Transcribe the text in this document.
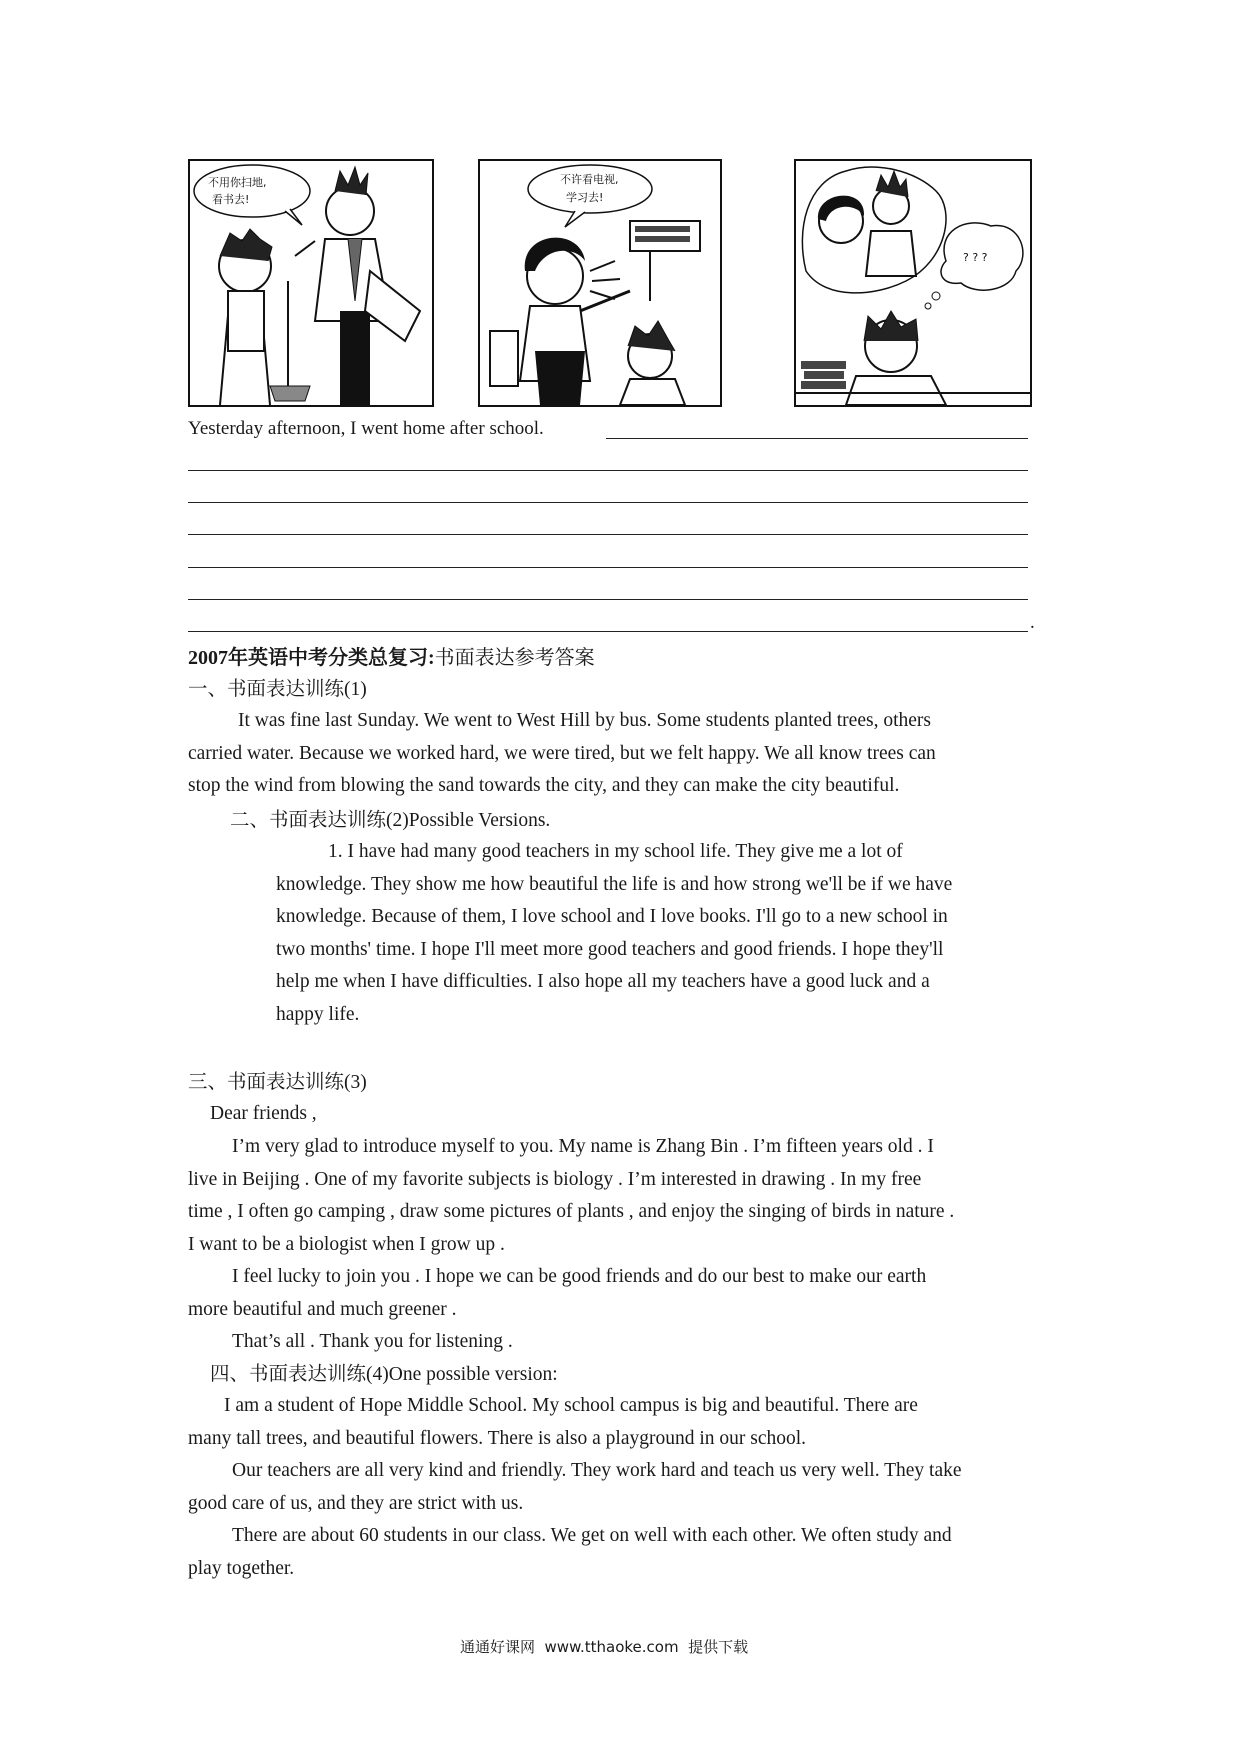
不用你扫地,
看书去!
不许看电视,
学习去!
? ? ?
Yesterday afternoon, I went home after school.
.
2007年英语中考分类总复习:书面表达参考答案
一、书面表达训练(1)
It was fine last Sunday. We went to West Hill by bus. Some students planted trees, others
carried water. Because we worked hard, we were tired, but we felt happy. We all know trees can
stop the wind from blowing the sand towards the city, and they can make the city beautiful.
二、书面表达训练(2)Possible Versions.
1. I have had many good teachers in my school life. They give me a lot of
knowledge. They show me how beautiful the life is and how strong we'll be if we have
knowledge. Because of them, I love school and I love books. I'll go to a new school in
two months' time. I hope I'll meet more good teachers and good friends. I hope they'll
help me when I have difficulties. I also hope all my teachers have a good luck and a
happy life.
三、书面表达训练(3)
Dear friends ,
I’m very glad to introduce myself to you. My name is Zhang Bin . I’m fifteen years old . I
live in Beijing . One of my favorite subjects is biology . I’m interested in drawing . In my free
time , I often go camping , draw some pictures of plants , and enjoy the singing of birds in nature .
I want to be a biologist when I grow up .
I feel lucky to join you . I hope we can be good friends and do our best to make our earth
more beautiful and much greener .
That’s all . Thank you for listening .
四、书面表达训练(4)One possible version:
I am a student of Hope Middle School. My school campus is big and beautiful. There are
many tall trees, and beautiful flowers. There is also a playground in our school.
Our teachers are all very kind and friendly. They work hard and teach us very well. They take
good care of us, and they are strict with us.
There are about 60 students in our class. We get on well with each other. We often study and
play together.
通通好课网  www.tthaoke.com  提供下载
